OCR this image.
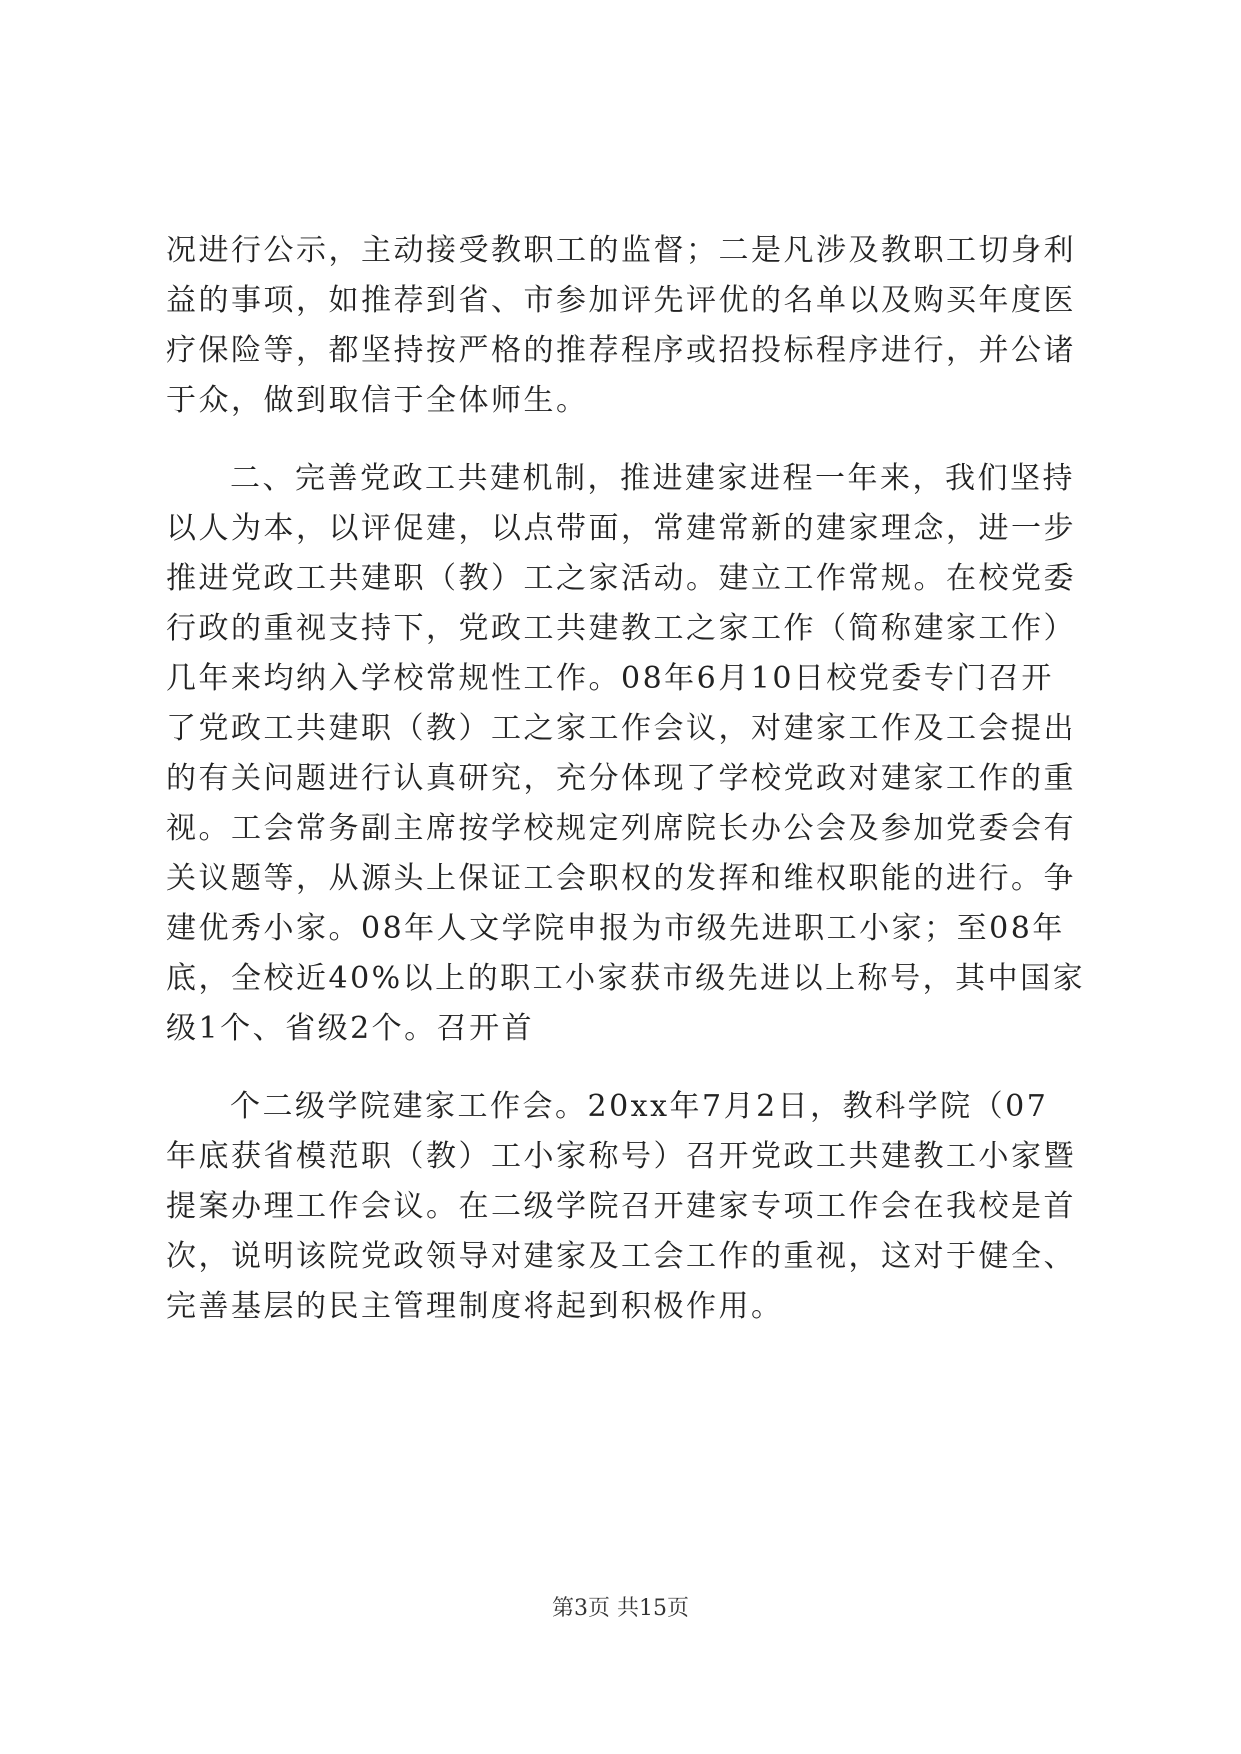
况进行公示，主动接受教职工的监督；二是凡涉及教职工切身利
益的事项，如推荐到省、市参加评先评优的名单以及购买年度医
疗保险等，都坚持按严格的推荐程序或招投标程序进行，并公诸
于众，做到取信于全体师生。
二、完善党政工共建机制，推进建家进程一年来，我们坚持
以人为本，以评促建，以点带面，常建常新的建家理念，进一步
推进党政工共建职（教）工之家活动。建立工作常规。在校党委
行政的重视支持下，党政工共建教工之家工作（简称建家工作）
几年来均纳入学校常规性工作。08年6月10日校党委专门召开
了党政工共建职（教）工之家工作会议，对建家工作及工会提出
的有关问题进行认真研究，充分体现了学校党政对建家工作的重
视。工会常务副主席按学校规定列席院长办公会及参加党委会有
关议题等，从源头上保证工会职权的发挥和维权职能的进行。争
建优秀小家。08年人文学院申报为市级先进职工小家；至08年
底，全校近40%以上的职工小家获市级先进以上称号，其中国家
级1个、省级2个。召开首
个二级学院建家工作会。20xx年7月2日，教科学院（07
年底获省模范职（教）工小家称号）召开党政工共建教工小家暨
提案办理工作会议。在二级学院召开建家专项工作会在我校是首
次，说明该院党政领导对建家及工会工作的重视，这对于健全、
完善基层的民主管理制度将起到积极作用。
第3页 共15页
